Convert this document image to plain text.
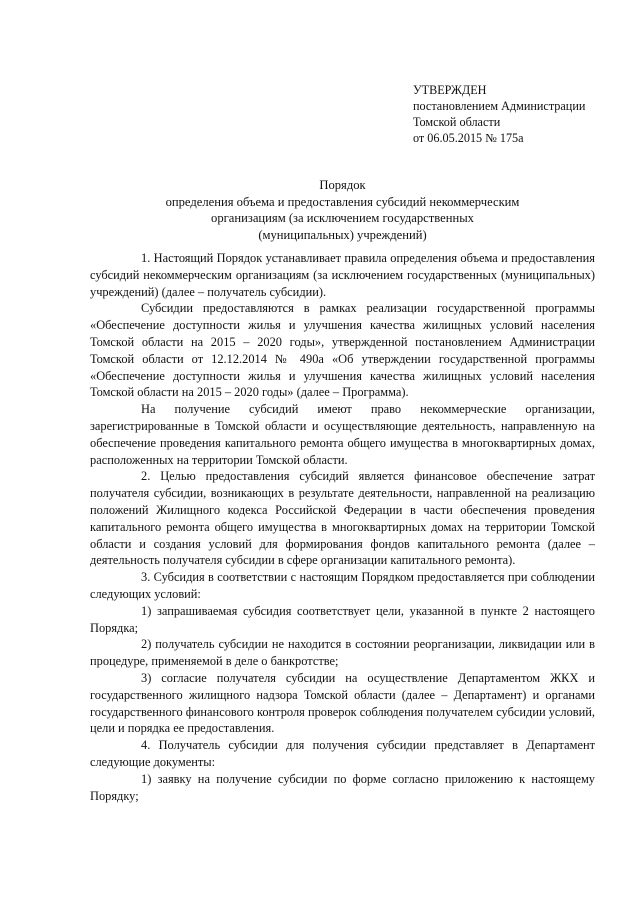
УТВЕРЖДЕН
постановлением Администрации
Томской области
от 06.05.2015 № 175а
Порядок
определения объема и предоставления субсидий некоммерческим
организациям (за исключением государственных
(муниципальных) учреждений)

1. Настоящий Порядок устанавливает правила определения объема и предоставления субсидий некоммерческим организациям (за исключением государственных (муниципальных) учреждений) (далее – получатель субсидии).

Субсидии предоставляются в рамках реализации государственной программы «Обеспечение доступности жилья и улучшения качества жилищных условий населения Томской области на 2015 – 2020 годы», утвержденной постановлением Администрации Томской области от 12.12.2014 № 490а «Об утверждении государственной программы «Обеспечение доступности жилья и улучшения качества жилищных условий населения Томской области на 2015 – 2020 годы» (далее – Программа).

На получение субсидий имеют право некоммерческие организации, зарегистрированные в Томской области и осуществляющие деятельность, направленную на обеспечение проведения капитального ремонта общего имущества в многоквартирных домах, расположенных на территории Томской области.

2. Целью предоставления субсидий является финансовое обеспечение затрат получателя субсидии, возникающих в результате деятельности, направленной на реализацию положений Жилищного кодекса Российской Федерации в части обеспечения проведения капитального ремонта общего имущества в многоквартирных домах на территории Томской области и создания условий для формирования фондов капитального ремонта (далее – деятельность получателя субсидии в сфере организации капитального ремонта).

3. Субсидия в соответствии с настоящим Порядком предоставляется при соблюдении следующих условий:

1) запрашиваемая субсидия соответствует цели, указанной в пункте 2 настоящего Порядка;

2) получатель субсидии не находится в состоянии реорганизации, ликвидации или в процедуре, применяемой в деле о банкротстве;

3) согласие получателя субсидии на осуществление Департаментом ЖКХ и государственного жилищного надзора Томской области (далее – Департамент) и органами государственного финансового контроля проверок соблюдения получателем субсидии условий, цели и порядка ее предоставления.

4. Получатель субсидии для получения субсидии представляет в Департамент следующие документы:

1) заявку на получение субсидии по форме согласно приложению к настоящему Порядку;
